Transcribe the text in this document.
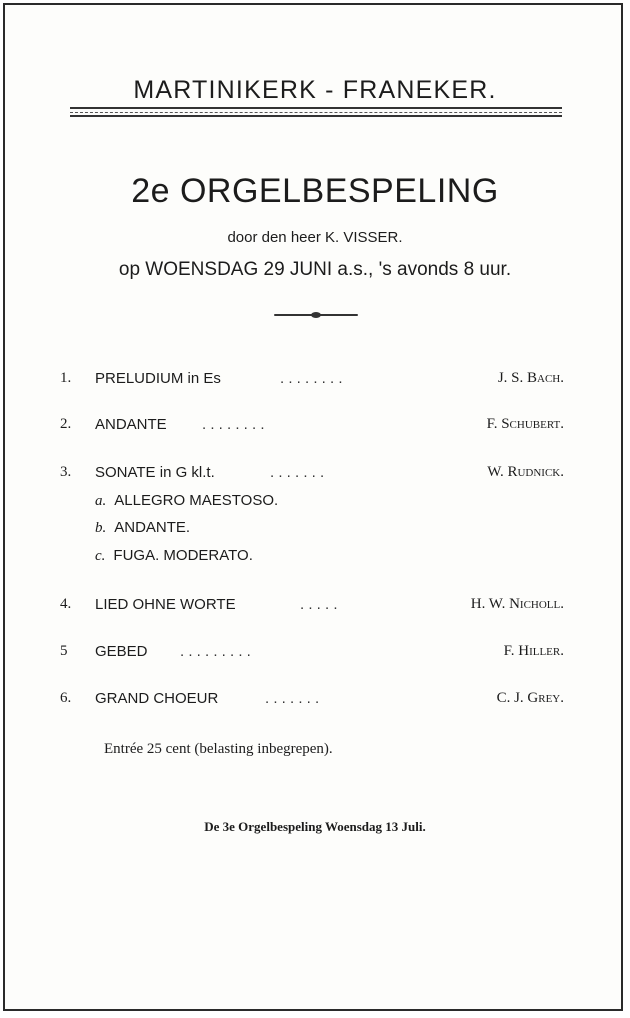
MARTINIKERK - FRANEKER.
2e ORGELBESPELING
door den heer K. VISSER.
op WOENSDAG 29 JUNI a.s., 's avonds 8 uur.
1.	PRELUDIUM in Es	. . . . . . . .	J. S. Bach.
2.	ANDANTE . . . . . . . .	F. Schubert.
3.	SONATE in G kl.t.	. . . . . . .	W. Rudnick.
a. ALLEGRO MAESTOSO.
b. ANDANTE.
c. FUGA. MODERATO.
4.	LIED OHNE WORTE	. . . . .	H. W. Nicholl.
5	GEBED . . . . . . . . .	F. Hiller.
6.	GRAND CHOEUR	. . . . . . .	C. J. Grey.
Entrée 25 cent (belasting inbegrepen).
De 3e Orgelbespeling Woensdag 13 Juli.
